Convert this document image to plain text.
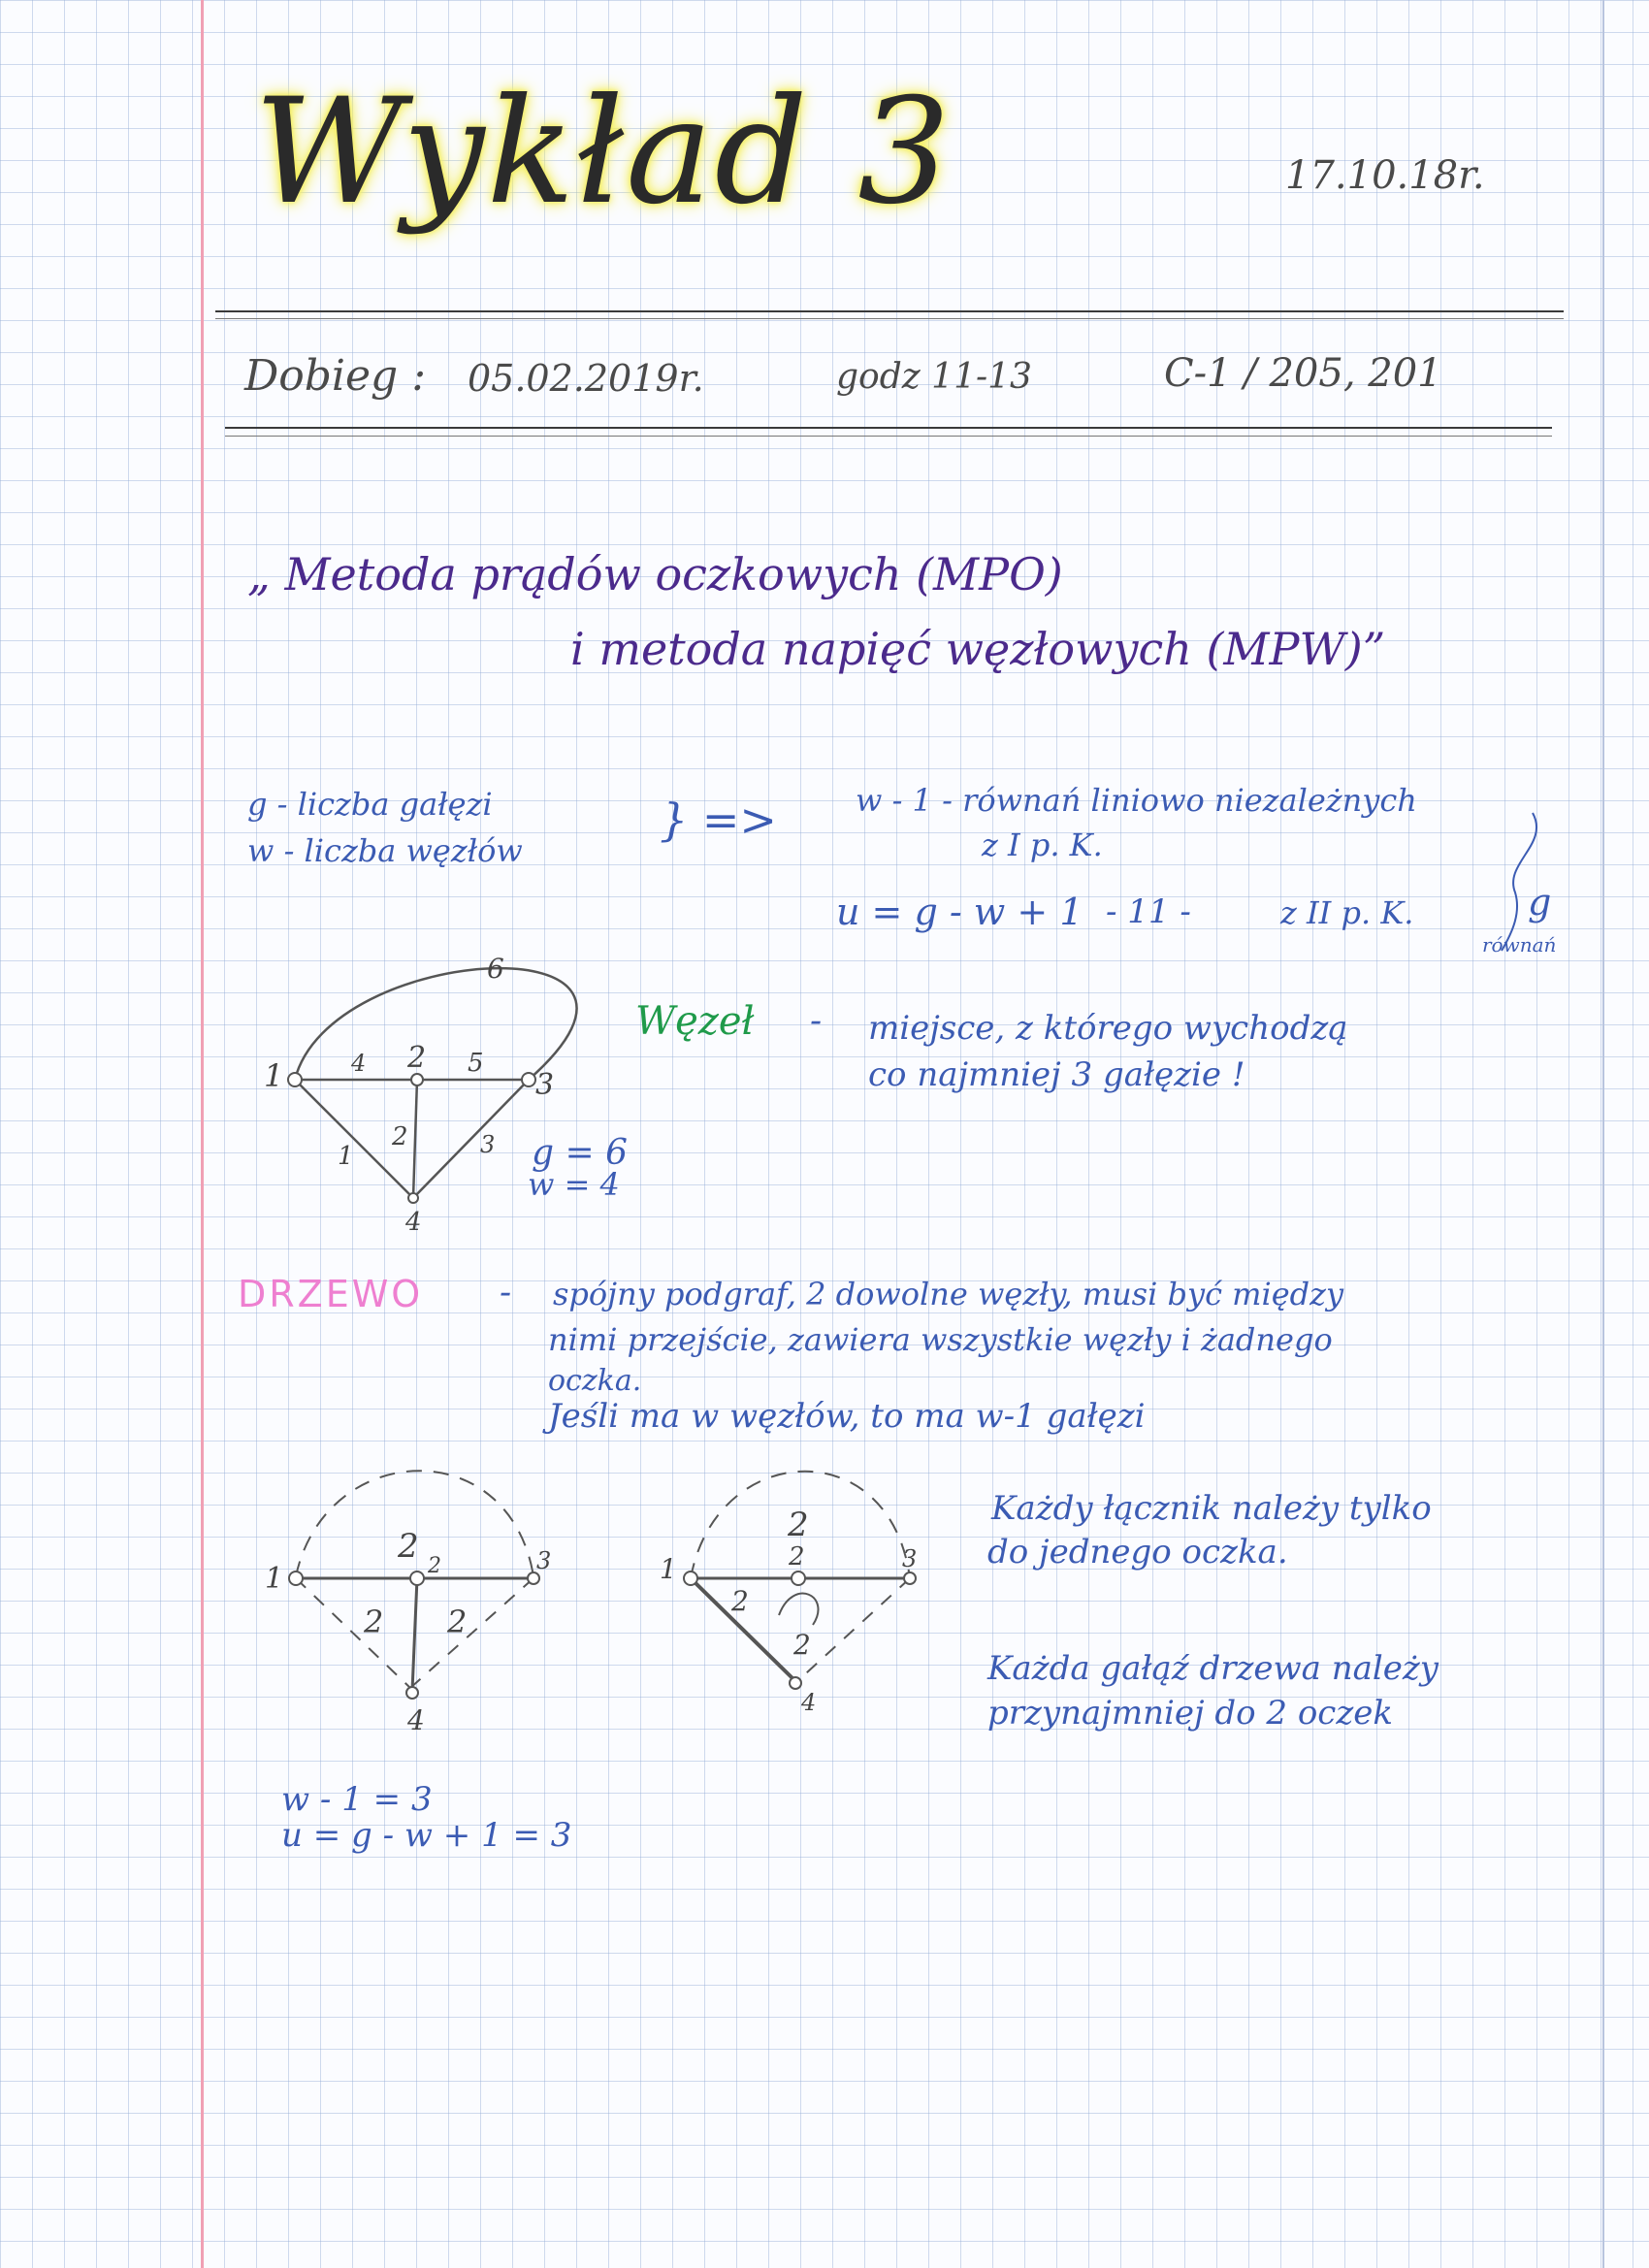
Wykład 3	17.10.18r.
Dobieg : 05.02.2019r.	godz 11-13	C-1 / 205, 201
„ Metoda prądów oczkowych (MPO)
i metoda napięć węzłowych (MPW)”
g - liczba gałęzi
w - liczba węzłów
} =>	w - 1 - równań liniowo niezależnych
z I p. K.
u = g - w + 1 - 11 -	z II p. K.	g
równań
1	2
3
4
1
2	3
4	5
6
g = 6
w = 4
Węzeł - miejsce, z którego wychodzą
co najmniej 3 gałęzie !
DRZEWO - spójny podgraf, 2 dowolne węzły, musi być między
nimi przejście, zawiera wszystkie węzły i żadnego
oczka.
Jeśli ma w węzłów, to ma w-1 gałęzi
1	2	3
4
2
2 2
1	2	3
4
2
2
2
Każdy łącznik należy tylko
do jednego oczka.
Każda gałąź drzewa należy
przynajmniej do 2 oczek
w - 1 = 3
u = g - w + 1 = 3
